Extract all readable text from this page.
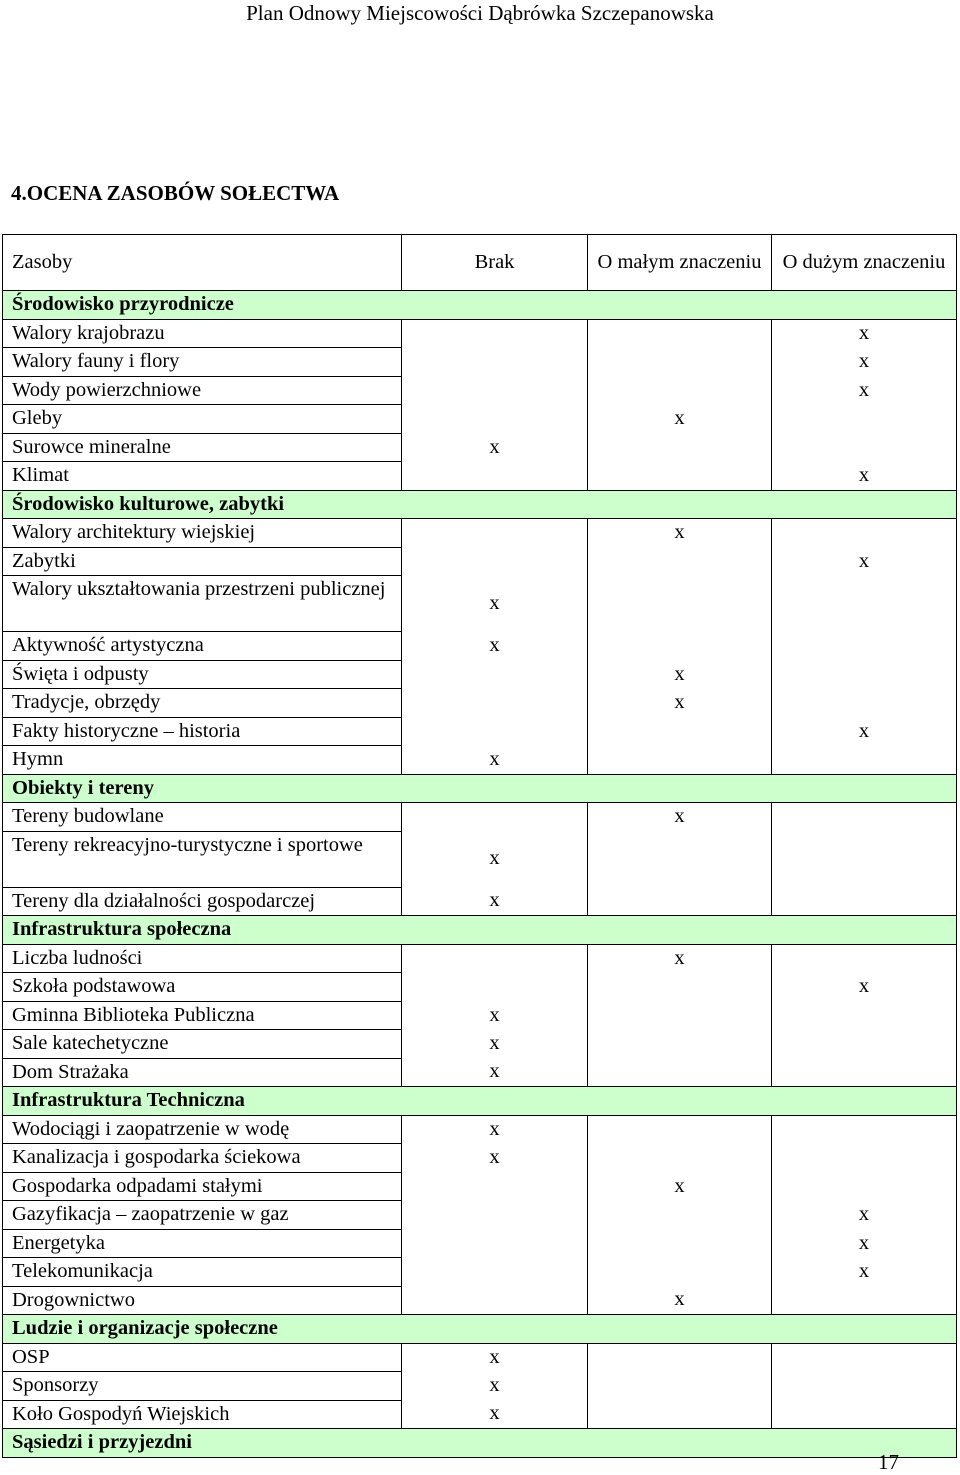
Plan Odnowy Miejscowości Dąbrówka Szczepanowska
4.OCENA ZASOBÓW SOŁECTWA
Zasoby	Brak	O małym znaczeniu	O dużym znaczeniu
Środowisko przyrodnicze			
Walory krajobrazu			x
Walory fauny i flory			x
Wody powierzchniowe			x
Gleby		x	
Surowce mineralne	x		
Klimat			x
Środowisko kulturowe, zabytki			
Walory architektury wiejskiej		x	
Zabytki			x
Walory ukształtowania przestrzeni publicznej	x		
Aktywność artystyczna	x		
Święta i odpusty		x	
Tradycje, obrzędy		x	
Fakty historyczne – historia			x
Hymn	x		
Obiekty i tereny			
Tereny budowlane		x	
Tereny rekreacyjno-turystyczne i sportowe	x		
Tereny dla działalności gospodarczej	x		
Infrastruktura społeczna			
Liczba ludności		x	
Szkoła podstawowa			x
Gminna Biblioteka Publiczna	x		
Sale katechetyczne	x		
Dom Strażaka	x		
Infrastruktura Techniczna			
Wodociągi i zaopatrzenie w wodę	x		
Kanalizacja i gospodarka ściekowa	x		
Gospodarka odpadami stałymi		x	
Gazyfikacja – zaopatrzenie w gaz			x
Energetyka			x
Telekomunikacja			x
Drogownictwo		x	
Ludzie i organizacje społeczne			
OSP	x		
Sponsorzy	x		
Koło Gospodyń Wiejskich	x		
Sąsiedzi i przyjezdni			
17
